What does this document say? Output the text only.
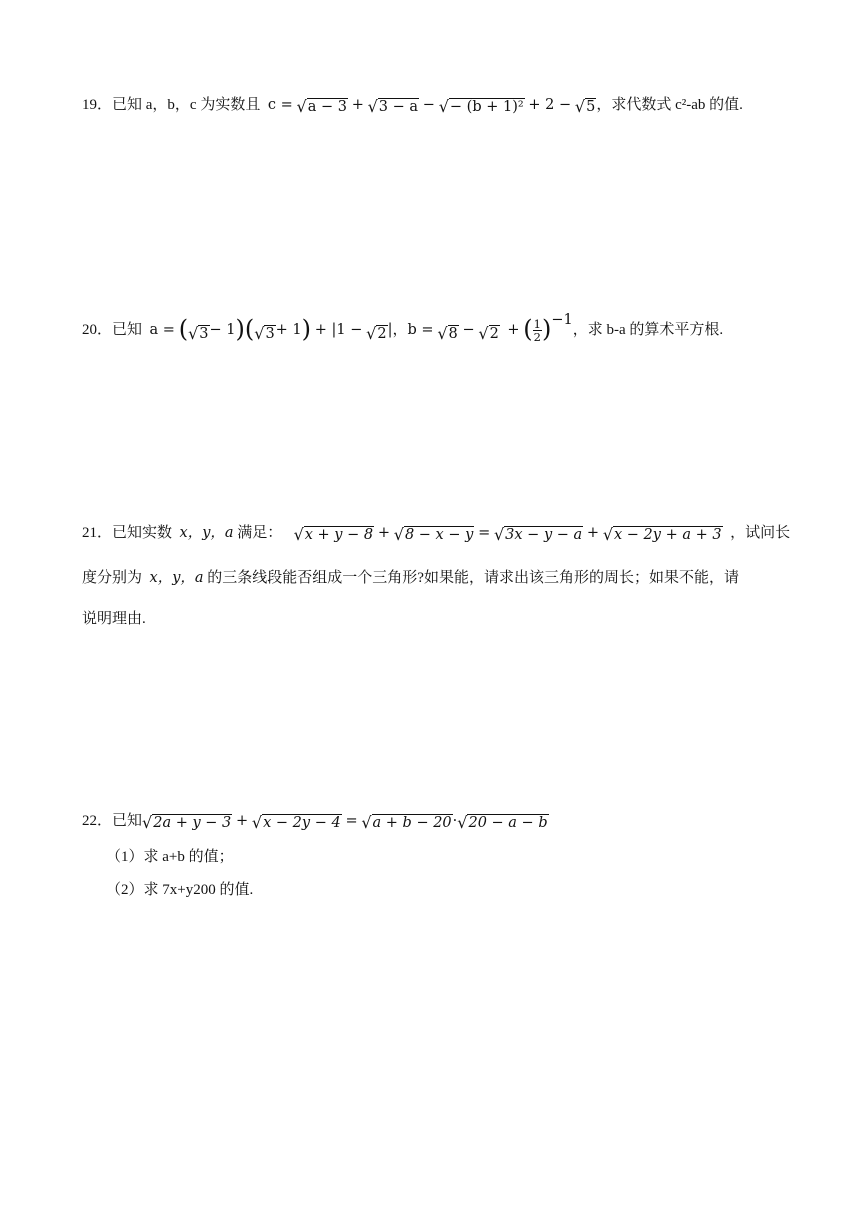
19．已知 a，b，c 为实数且 c = √ a − 3 + √ 3 − a − √ − (b + 1)² + 2 − √ 5 ，求代数式 c²-ab 的值.
20．已知 a = ( √ 3 − 1)( √ 3 + 1) + |1 − √ 2 |，b = √ 8 − √ 2 + ( $\frac{1}{2} )^{-1}$，求 b-a 的算术平方根.
21．已知实数 x，y，a 满足： √ x + y − 8 + √ 8 − x − y = √ 3x − y − a + √ x − 2y + a + 3 ，试问长
度分别为 x，y，a 的三条线段能否组成一个三角形?如果能，请求出该三角形的周长；如果不能，请
说明理由.
22．已知 √ 2a + y − 3 + √ x − 2y − 4 = √ a + b − 20 · √ 20 − a − b
（1）求 a+b 的值；
（2）求 7x+y200 的值.
